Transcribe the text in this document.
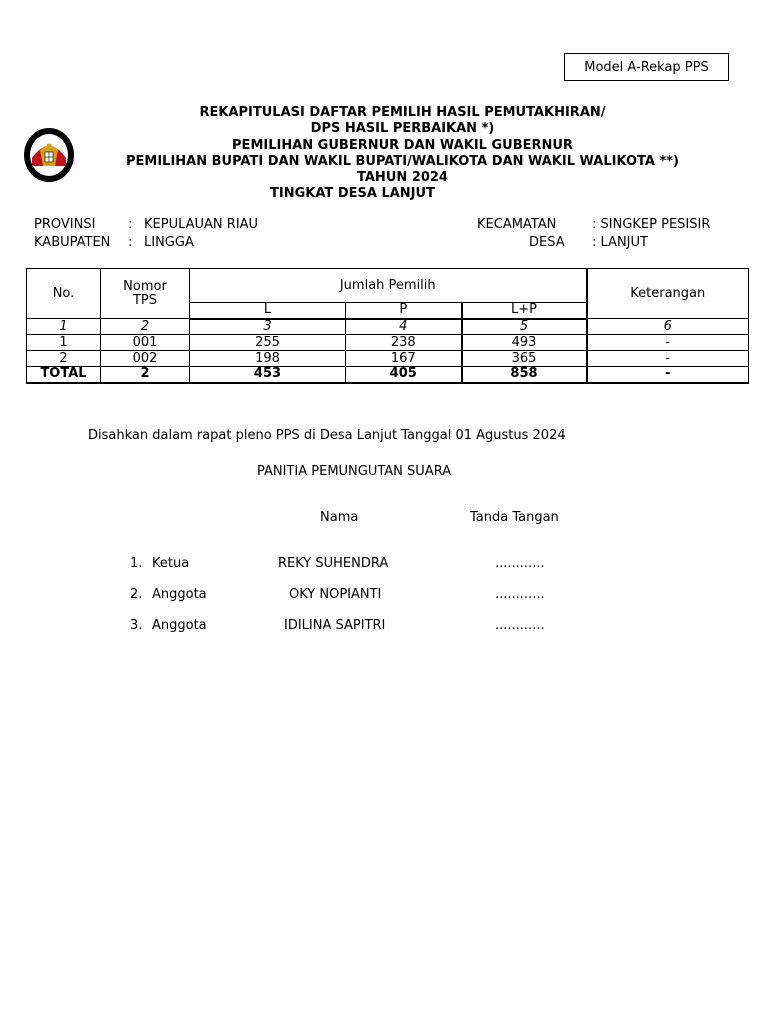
Model A-Rekap PPS
REKAPITULASI DAFTAR PEMILIH HASIL PEMUTAKHIRAN/
DPS HASIL PERBAIKAN *)
PEMILIHAN GUBERNUR DAN WAKIL GUBERNUR
PEMILIHAN BUPATI DAN WAKIL BUPATI/WALIKOTA DAN WAKIL WALIKOTA **)
TAHUN 2024
TINGKAT DESA LANJUT
PROVINSI	: KEPULAUAN RIAU
KABUPATEN : LINGGA
KECAMATAN	: SINGKEP PESISIR
DESA : LANJUT
No.	Nomor TPS	Jumlah Pemilih			Keterangan
		L	P	L+P	
1	2	3	4	5	6
1	001	255	238	493	-
2	002	198	167	365	-
TOTAL	2	453	405	858	-
Disahkan dalam rapat pleno PPS di Desa Lanjut Tanggal 01 Agustus 2024
PANITIA PEMUNGUTAN SUARA
Nama	Tanda Tangan
1. Ketua	REKY SUHENDRA	............
2. Anggota	OKY NOPIANTI	............
3. Anggota	IDILINA SAPITRI	............
